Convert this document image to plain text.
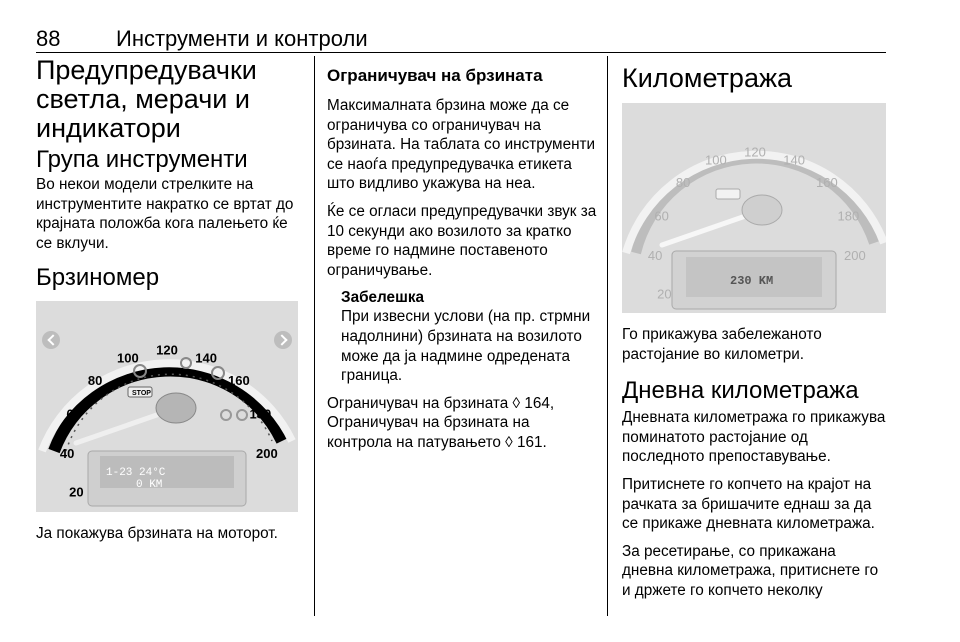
88	Инструменти и контроли
Предупредувачки светла, мерачи и индикатори
Група инструменти

Во некои модели стрелките на инструментите накратко се вртат до крајната положба кога палењето ќе се вклучи.

Брзиномер
STOP
1-23 24°C
0 KM
20
40
60
80
100
120
140
160
180
200

Ја покажува брзината на моторот.

Ограничувач на брзината

Максималната брзина може да се ограничува со ограничувач на брзината. На таблата со инструменти се наоѓа предупредувачка етикета што видливо укажува на неа.

Ќе се огласи предупредувачки звук за 10 секунди ако возилото за кратко време го надмине поставеното ограничување.

Забелешка

При извесни услови (на пр. стрмни надолнини) брзината на возилото може да ја надмине одредената граница.

Ограничувач на брзината ◊ 164,
Ограничувач на брзината на контрола на патувањето ◊ 161.

Километража
230 KM
20
40
60
80
100
120
140
160
180
200

Го прикажува забележаното растојание во километри.

Дневна километража

Дневната километража го прикажува поминатото растојание од последното препоставување.

Притиснете го копчето на крајот на рачката за бришачите еднаш за да се прикаже дневната километража.

За ресетирање, со прикажана дневна километража, притиснете го и држете го копчето неколку
